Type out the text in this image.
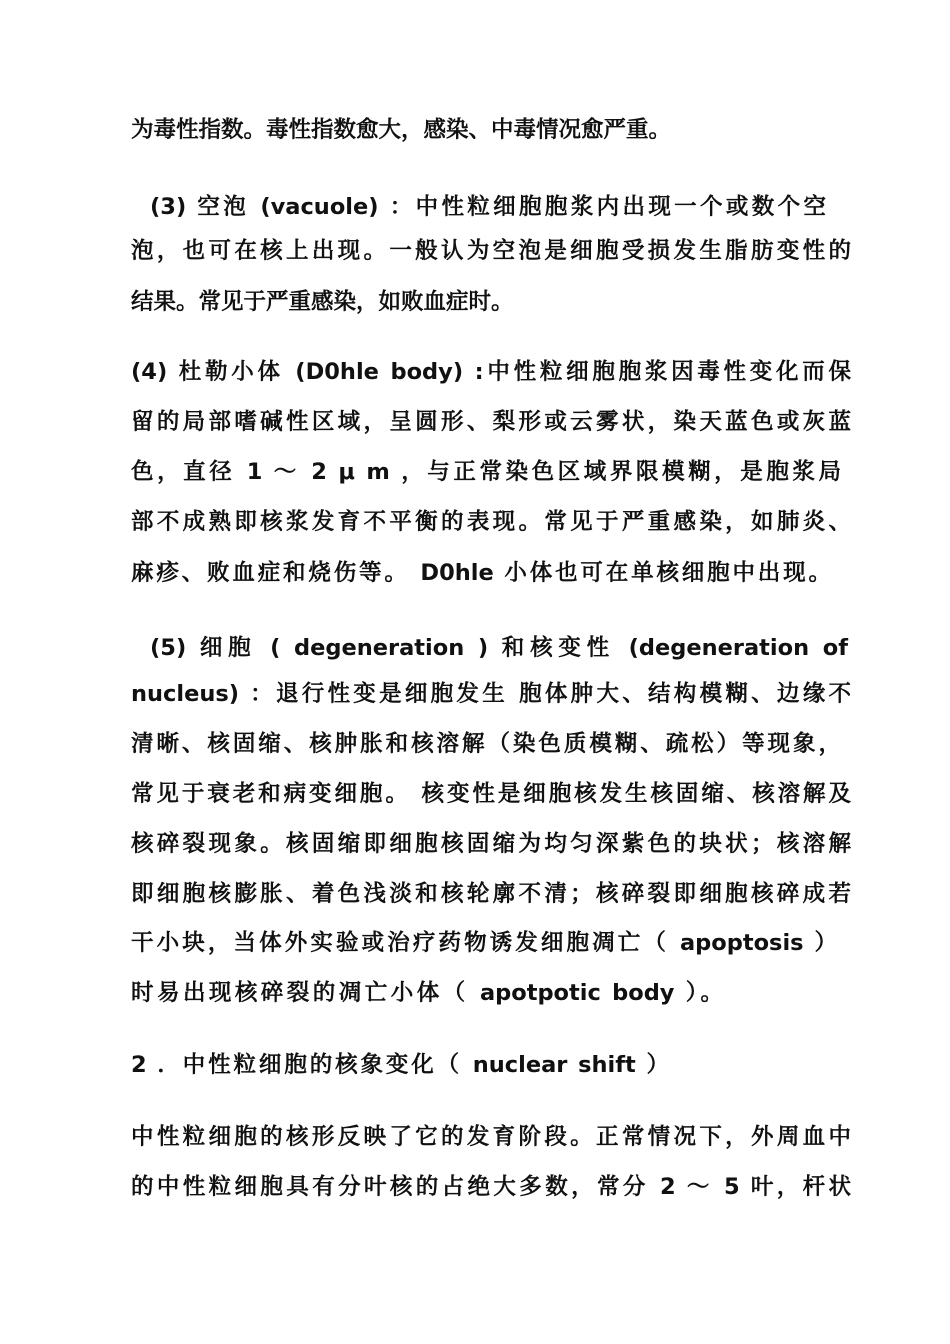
为毒性指数。毒性指数愈大，感染、中毒情况愈严重。
(3) 空泡 (vacuole) ：中性粒细胞胞浆内出现一个或数个空
泡，也可在核上出现。一般认为空泡是细胞受损发生脂肪变性的
结果。常见于严重感染，如败血症时。
(4) 杜勒小体 (D0hle body) :中性粒细胞胞浆因毒性变化而保
留的局部嗜碱性区域，呈圆形、梨形或云雾状，染天蓝色或灰蓝
色，直径 1 ～ 2 μ m ，与正常染色区域界限模糊，是胞浆局
部不成熟即核浆发育不平衡的表现。常见于严重感染，如肺炎、
麻疹、败血症和烧伤等。 D0hle 小体也可在单核细胞中出现。
(5) 细胞 ( degeneration ) 和核变性 (degeneration of
nucleus) ：退行性变是细胞发生 胞体肿大、结构模糊、边缘不
清晰、核固缩、核肿胀和核溶解（染色质模糊、疏松）等现象，
常见于衰老和病变细胞。 核变性是细胞核发生核固缩、核溶解及
核碎裂现象。核固缩即细胞核固缩为均匀深紫色的块状；核溶解
即细胞核膨胀、着色浅淡和核轮廓不清；核碎裂即细胞核碎成若
干小块，当体外实验或治疗药物诱发细胞凋亡（ apoptosis ）
时易出现核碎裂的凋亡小体（ apotpotic body ）。
2 ．中性粒细胞的核象变化（ nuclear shift ）
中性粒细胞的核形反映了它的发育阶段。正常情况下，外周血中
的中性粒细胞具有分叶核的占绝大多数，常分 2 ～ 5 叶，杆状
